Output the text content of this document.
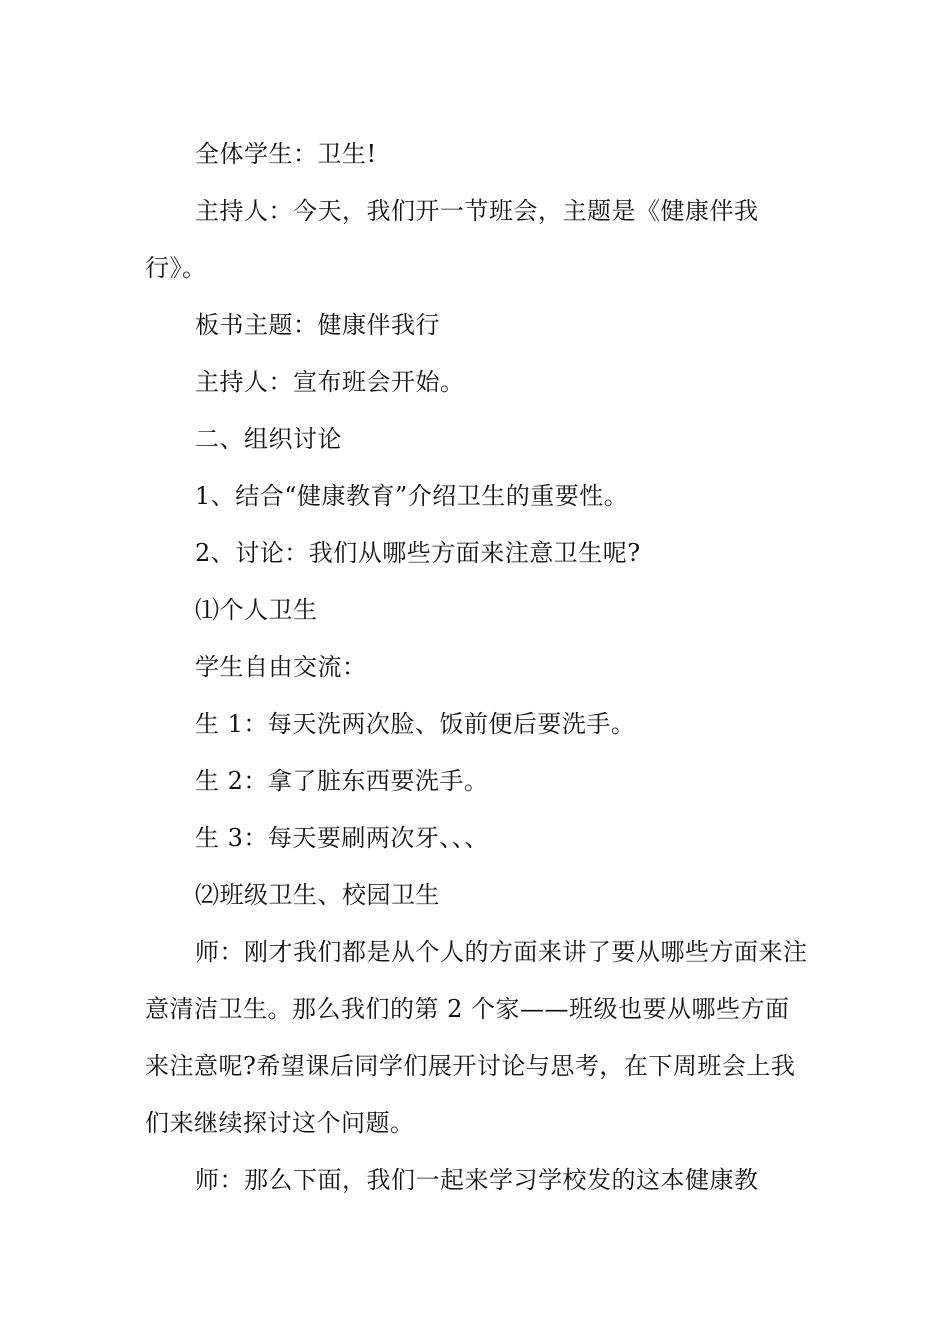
全体学生：卫生!

主持人：今天，我们开一节班会，主题是《健康伴我行》。

板书主题：健康伴我行

主持人：宣布班会开始。

二、组织讨论

1、结合“健康教育”介绍卫生的重要性。

2、讨论：我们从哪些方面来注意卫生呢?

⑴个人卫生

学生自由交流：

生 1：每天洗两次脸、饭前便后要洗手。

生 2：拿了脏东西要洗手。

生 3：每天要刷两次牙、、、

⑵班级卫生、校园卫生

师：刚才我们都是从个人的方面来讲了要从哪些方面来注意清洁卫生。那么我们的第 2 个家——班级也要从哪些方面来注意呢?希望课后同学们展开讨论与思考，在下周班会上我们来继续探讨这个问题。

师：那么下面，我们一起来学习学校发的这本健康教
